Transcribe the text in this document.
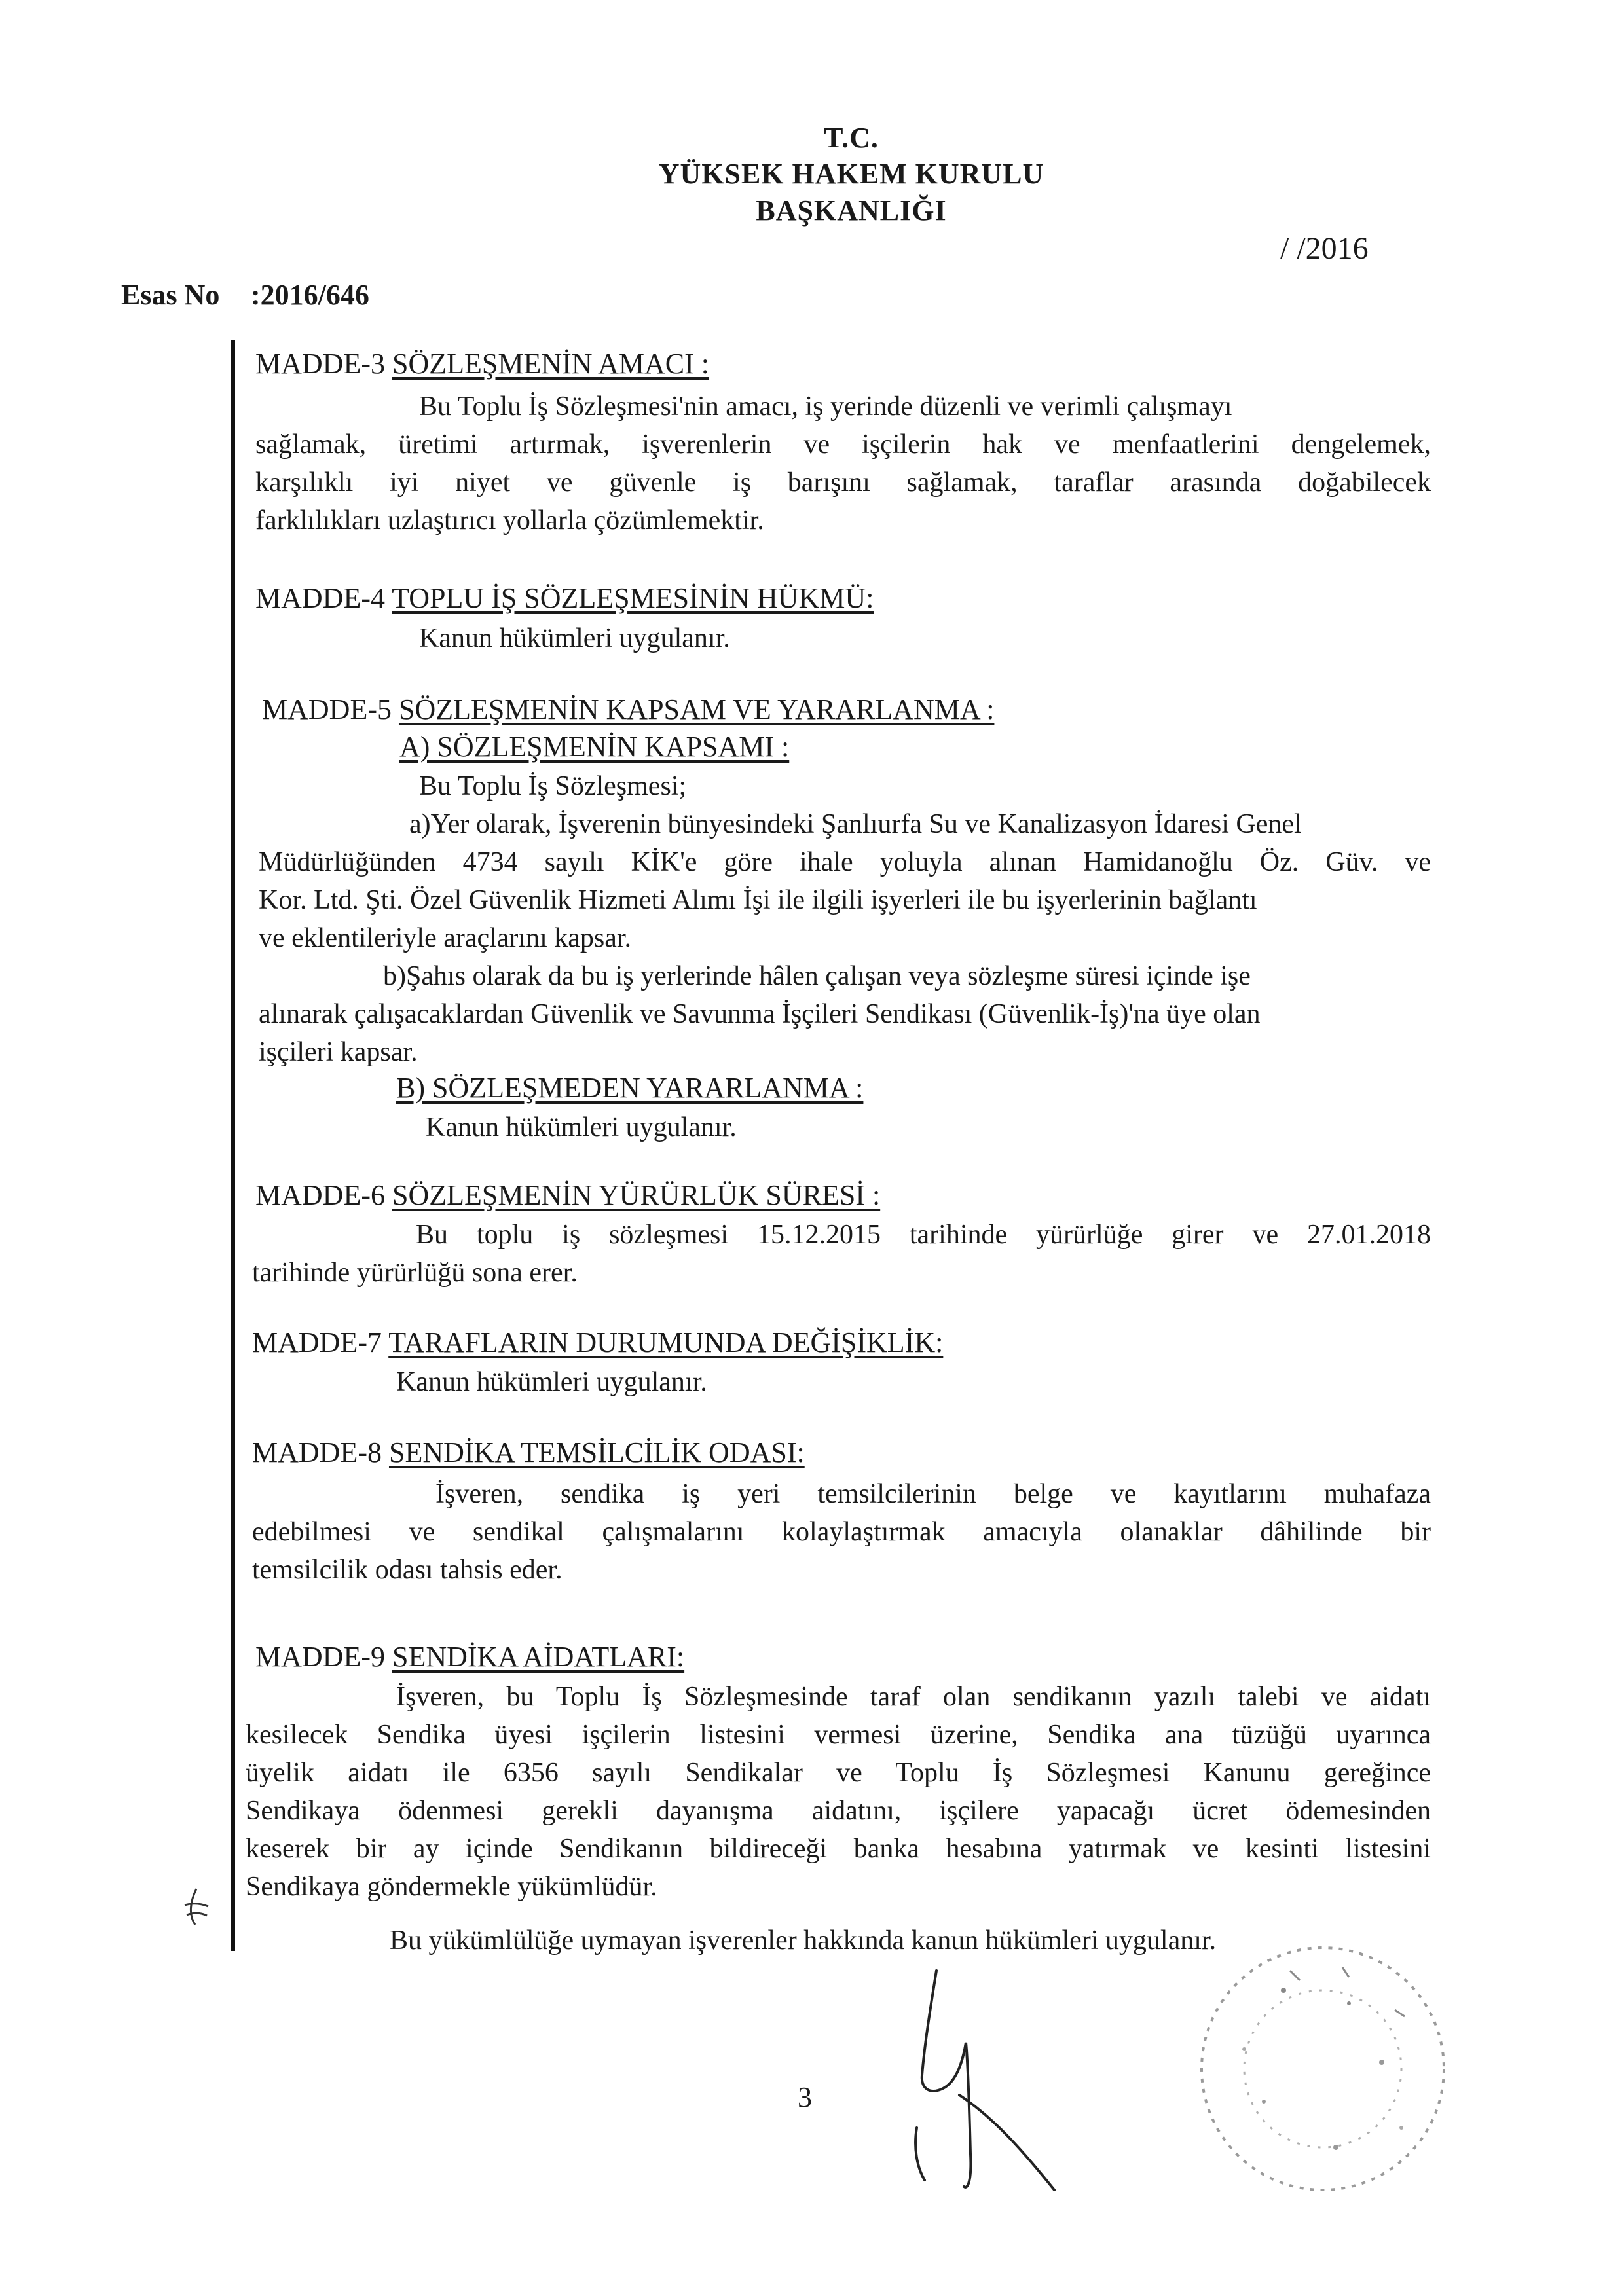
T.C.
YÜKSEK HAKEM KURULU
BAŞKANLIĞI
/ /2016
Esas No :2016/646
MADDE-3 SÖZLEŞMENİN AMACI :
Bu Toplu İş Sözleşmesi'nin amacı, iş yerinde düzenli ve verimli çalışmayı
sağlamak, üretimi artırmak, işverenlerin ve işçilerin hak ve menfaatlerini dengelemek,
karşılıklı iyi niyet ve güvenle iş barışını sağlamak, taraflar arasında doğabilecek
farklılıkları uzlaştırıcı yollarla çözümlemektir.
MADDE-4 TOPLU İŞ SÖZLEŞMESİNİN HÜKMÜ:
Kanun hükümleri uygulanır.
MADDE-5 SÖZLEŞMENİN KAPSAM VE YARARLANMA :
A) SÖZLEŞMENİN KAPSAMI :
Bu Toplu İş Sözleşmesi;
a)Yer olarak, İşverenin bünyesindeki Şanlıurfa Su ve Kanalizasyon İdaresi Genel
Müdürlüğünden 4734 sayılı KİK'e göre ihale yoluyla alınan Hamidanoğlu Öz. Güv. ve
Kor. Ltd. Şti. Özel Güvenlik Hizmeti Alımı İşi ile ilgili işyerleri ile bu işyerlerinin bağlantı
ve eklentileriyle araçlarını kapsar.
b)Şahıs olarak da bu iş yerlerinde hâlen çalışan veya sözleşme süresi içinde işe
alınarak çalışacaklardan Güvenlik ve Savunma İşçileri Sendikası (Güvenlik-İş)'na üye olan
işçileri kapsar.
B) SÖZLEŞMEDEN YARARLANMA :
Kanun hükümleri uygulanır.
MADDE-6 SÖZLEŞMENİN YÜRÜRLÜK SÜRESİ :
Bu toplu iş sözleşmesi 15.12.2015 tarihinde yürürlüğe girer ve 27.01.2018
tarihinde yürürlüğü sona erer.
MADDE-7 TARAFLARIN DURUMUNDA DEĞİŞİKLİK:
Kanun hükümleri uygulanır.
MADDE-8 SENDİKA TEMSİLCİLİK ODASI:
İşveren, sendika iş yeri temsilcilerinin belge ve kayıtlarını muhafaza
edebilmesi ve sendikal çalışmalarını kolaylaştırmak amacıyla olanaklar dâhilinde bir
temsilcilik odası tahsis eder.
MADDE-9 SENDİKA AİDATLARI:
İşveren, bu Toplu İş Sözleşmesinde taraf olan sendikanın yazılı talebi ve aidatı
kesilecek Sendika üyesi işçilerin listesini vermesi üzerine, Sendika ana tüzüğü uyarınca
üyelik aidatı ile 6356 sayılı Sendikalar ve Toplu İş Sözleşmesi Kanunu gereğince
Sendikaya ödenmesi gerekli dayanışma aidatını, işçilere yapacağı ücret ödemesinden
keserek bir ay içinde Sendikanın bildireceği banka hesabına yatırmak ve kesinti listesini
Sendikaya göndermekle yükümlüdür.
Bu yükümlülüğe uymayan işverenler hakkında kanun hükümleri uygulanır.
3
